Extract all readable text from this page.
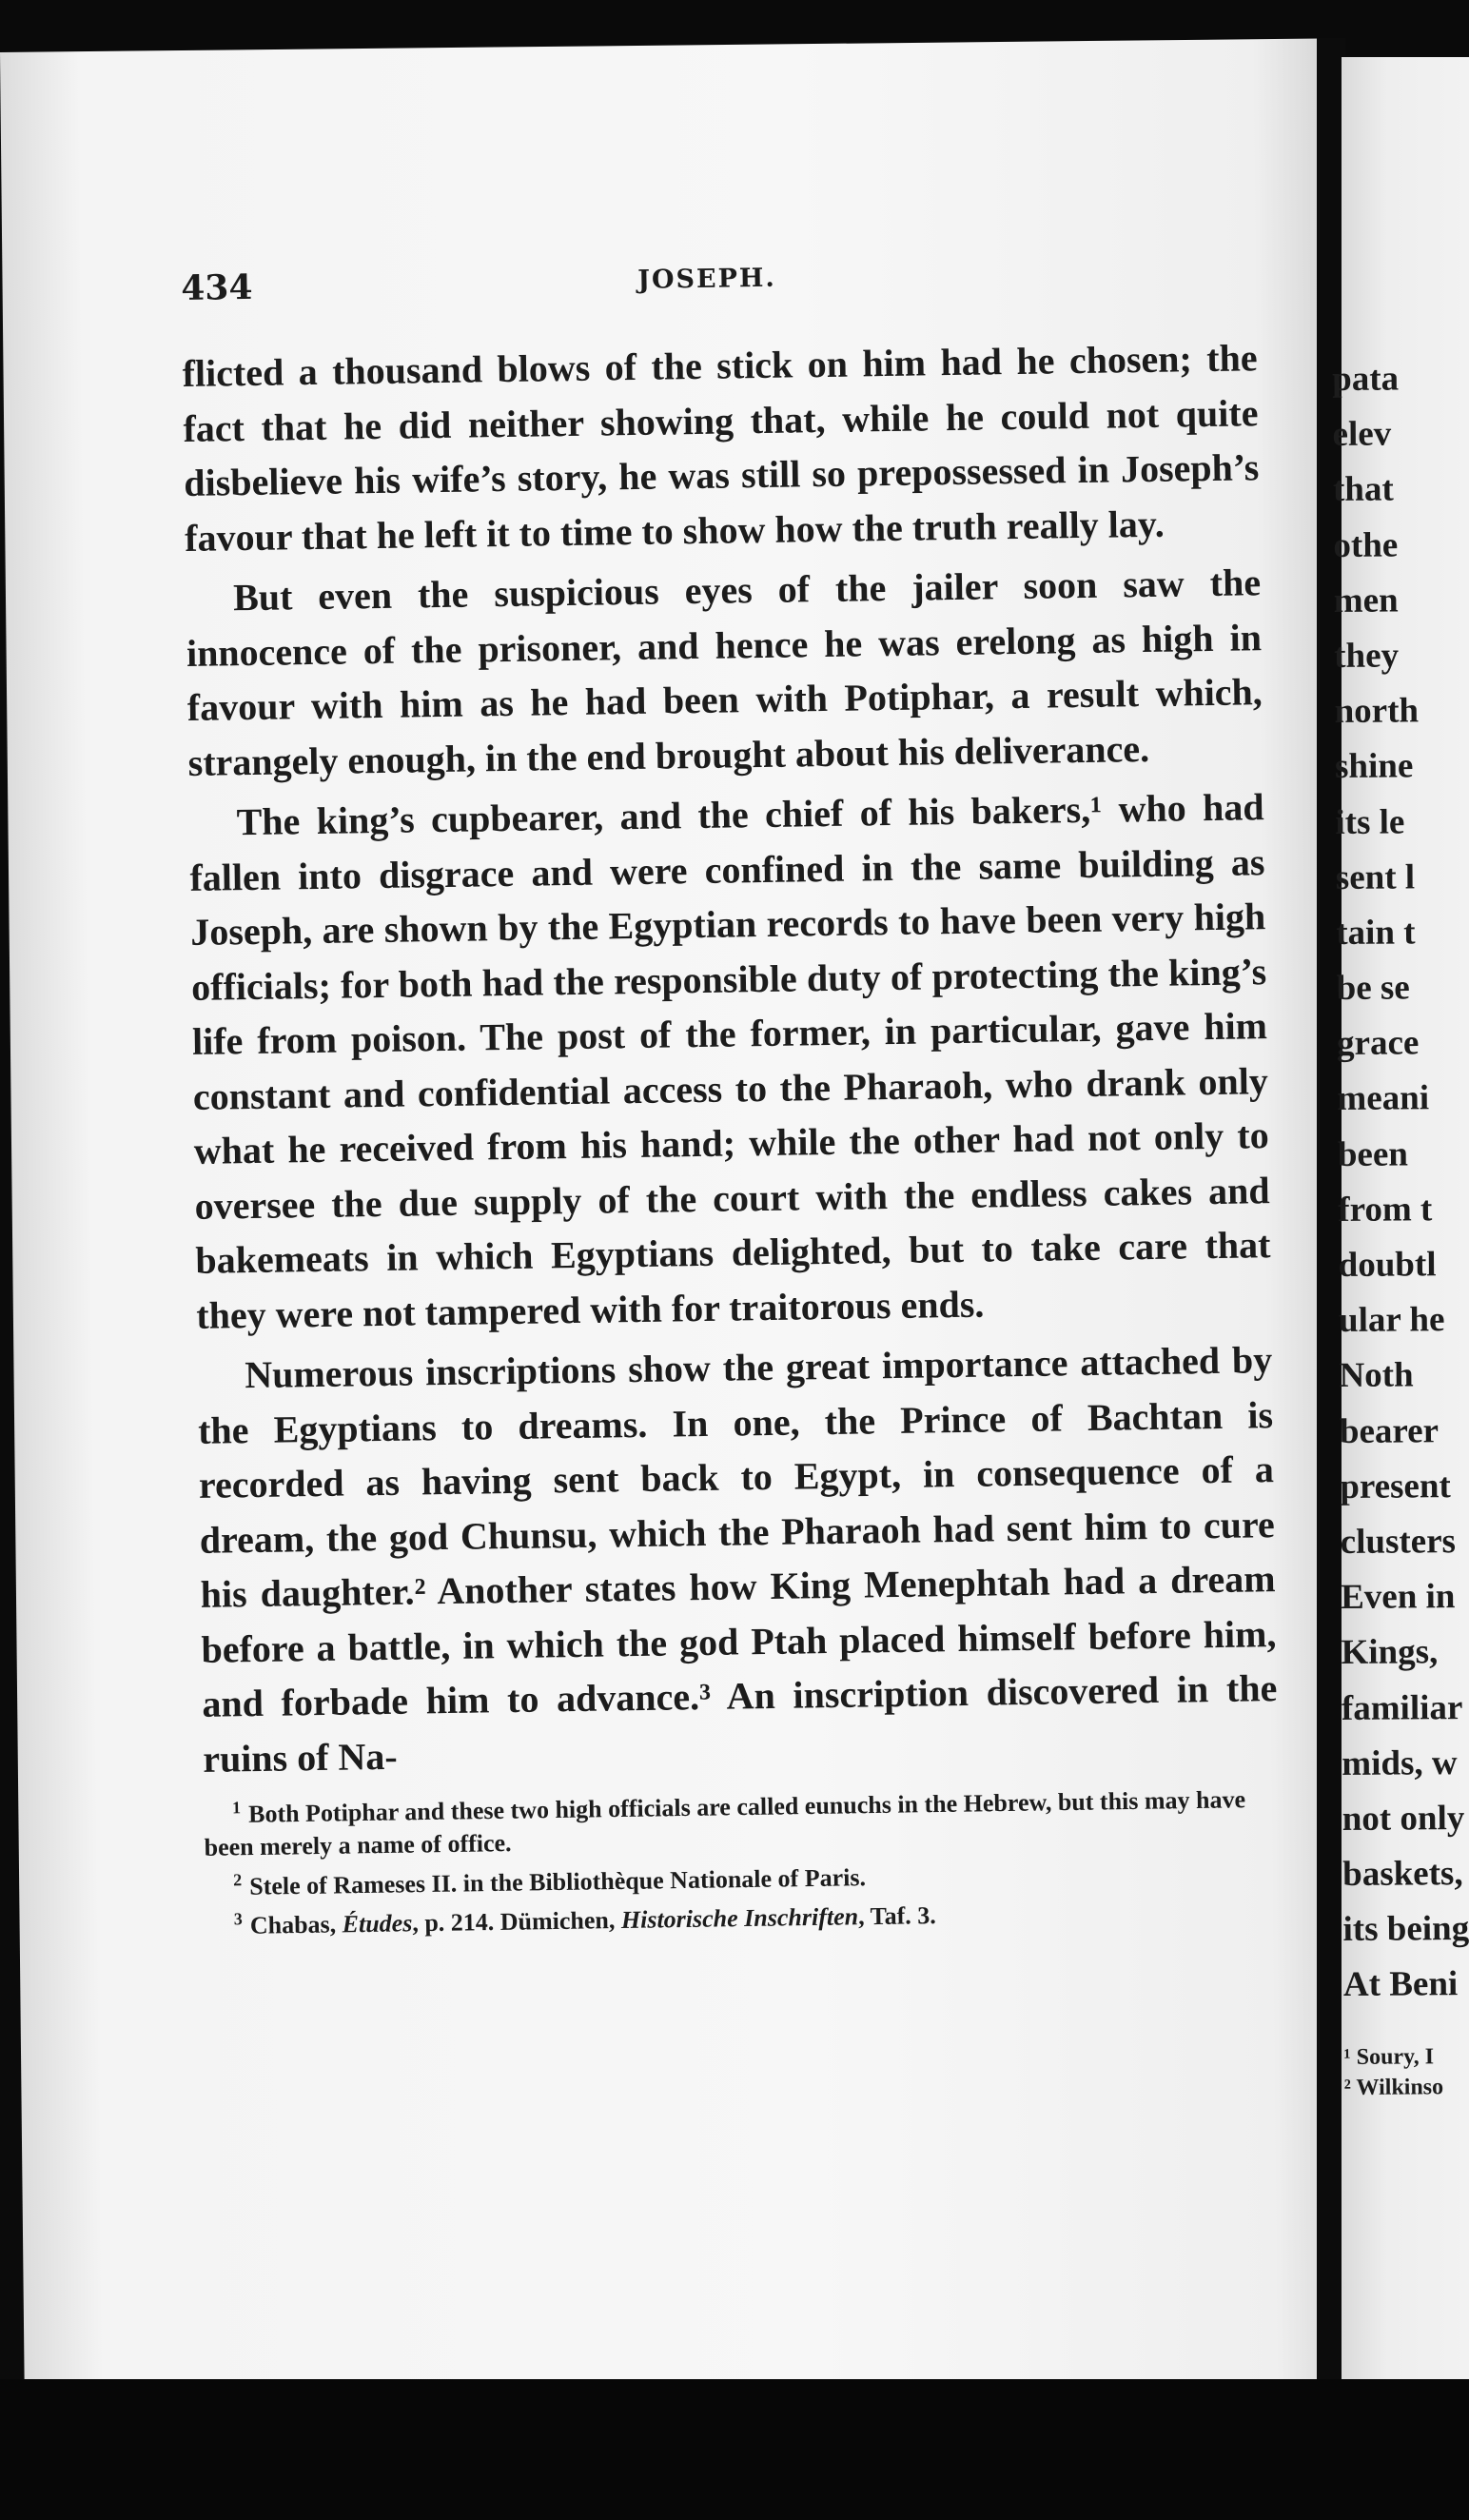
434	JOSEPH.

flicted a thousand blows of the stick on him had he chosen; the fact that he did neither showing that, while he could not quite disbelieve his wife’s story, he was still so prepossessed in Joseph’s favour that he left it to time to show how the truth really lay.

But even the suspicious eyes of the jailer soon saw the innocence of the prisoner, and hence he was erelong as high in favour with him as he had been with Potiphar, a result which, strangely enough, in the end brought about his deliverance.

The king’s cupbearer, and the chief of his bakers,¹ who had fallen into disgrace and were confined in the same building as Joseph, are shown by the Egyptian records to have been very high officials; for both had the responsible duty of protecting the king’s life from poison. The post of the former, in particular, gave him constant and confidential access to the Pharaoh, who drank only what he received from his hand; while the other had not only to oversee the due supply of the court with the endless cakes and bakemeats in which Egyptians delighted, but to take care that they were not tampered with for traitorous ends.

Numerous inscriptions show the great importance attached by the Egyptians to dreams. In one, the Prince of Bachtan is recorded as having sent back to Egypt, in consequence of a dream, the god Chunsu, which the Pharaoh had sent him to cure his daughter.² Another states how King Menephtah had a dream before a battle, in which the god Ptah placed himself before him, and forbade him to advance.³ An inscription discovered in the ruins of Na-

$^1$ Both Potiphar and these two high officials are called eunuchs in the Hebrew, but this may have been merely a name of office.

$^2$ Stele of Rameses II. in the Bibliothèque Nationale of Paris.

$^3$ Chabas, Études, p. 214. Dümichen, Historische Inschriften, Taf. 3.

pata
elev
that
othe
men
they
north
shine
its le
sent l
tain t
be se
grace
meani
been
from t
doubtl
ular he
Noth
bearer
present
clusters
Even in
Kings,
familiar
mids, w
not only
baskets,
its being
At Beni
¹ Soury, I
² Wilkinso
